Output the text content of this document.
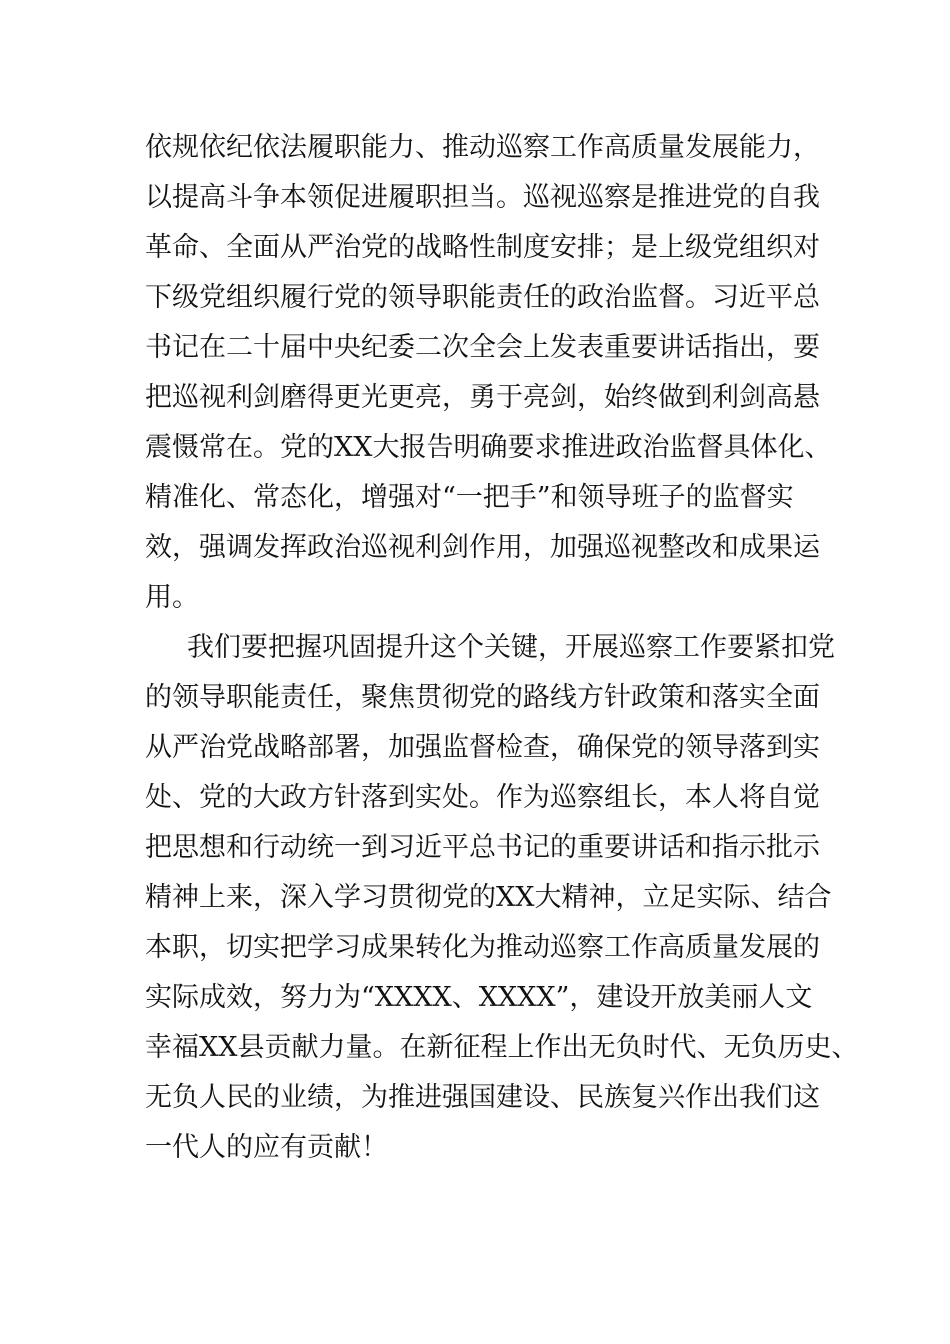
依规依纪依法履职能力、推动巡察工作高质量发展能力，
以提高斗争本领促进履职担当。巡视巡察是推进党的自我
革命、全面从严治党的战略性制度安排；是上级党组织对
下级党组织履行党的领导职能责任的政治监督。习近平总
书记在二十届中央纪委二次全会上发表重要讲话指出，要
把巡视利剑磨得更光更亮，勇于亮剑，始终做到利剑高悬
震慑常在。党的XX大报告明确要求推进政治监督具体化、
精准化、常态化，增强对“一把手”和领导班子的监督实
效，强调发挥政治巡视利剑作用，加强巡视整改和成果运
用。
我们要把握巩固提升这个关键，开展巡察工作要紧扣党
的领导职能责任，聚焦贯彻党的路线方针政策和落实全面
从严治党战略部署，加强监督检查，确保党的领导落到实
处、党的大政方针落到实处。作为巡察组长，本人将自觉
把思想和行动统一到习近平总书记的重要讲话和指示批示
精神上来，深入学习贯彻党的XX大精神，立足实际、结合
本职，切实把学习成果转化为推动巡察工作高质量发展的
实际成效，努力为“XXXX、XXXX”，建设开放美丽人文
幸福XX县贡献力量。在新征程上作出无负时代、无负历史、
无负人民的业绩，为推进强国建设、民族复兴作出我们这
一代人的应有贡献！
